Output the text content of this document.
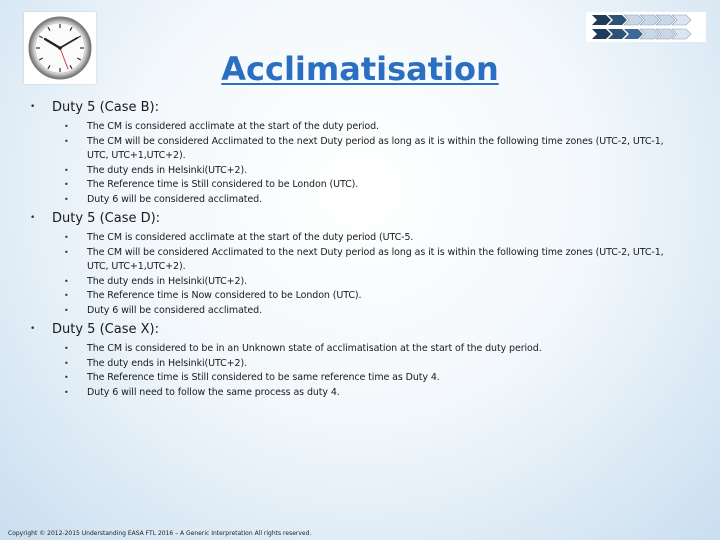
Acclimatisation
• Duty 5 (Case B):
• The CM is considered acclimate at the start of the duty period.
• The CM will be considered Acclimated to the next Duty period as long as it is within the following time zones (UTC-2, UTC-1, UTC, UTC+1,UTC+2).
• The duty ends in Helsinki(UTC+2).
• The Reference time is Still considered to be London (UTC).
• Duty 6 will be considered acclimated.
• Duty 5 (Case D):
• The CM is considered acclimate at the start of the duty period (UTC-5.
• The CM will be considered Acclimated to the next Duty period as long as it is within the following time zones (UTC-2, UTC-1, UTC, UTC+1,UTC+2).
• The duty ends in Helsinki(UTC+2).
• The Reference time is Now considered to be London (UTC).
• Duty 6 will be considered acclimated.
• Duty 5 (Case X):
• The CM is considered to be in an Unknown state of acclimatisation at the start of the duty period.
• The duty ends in Helsinki(UTC+2).
• The Reference time is Still considered to be same reference time as Duty 4.
• Duty 6 will need to follow the same process as duty 4.
Copyright © 2012-2015 Understanding EASA FTL 2016 – A Generic Interpretation All rights reserved.
